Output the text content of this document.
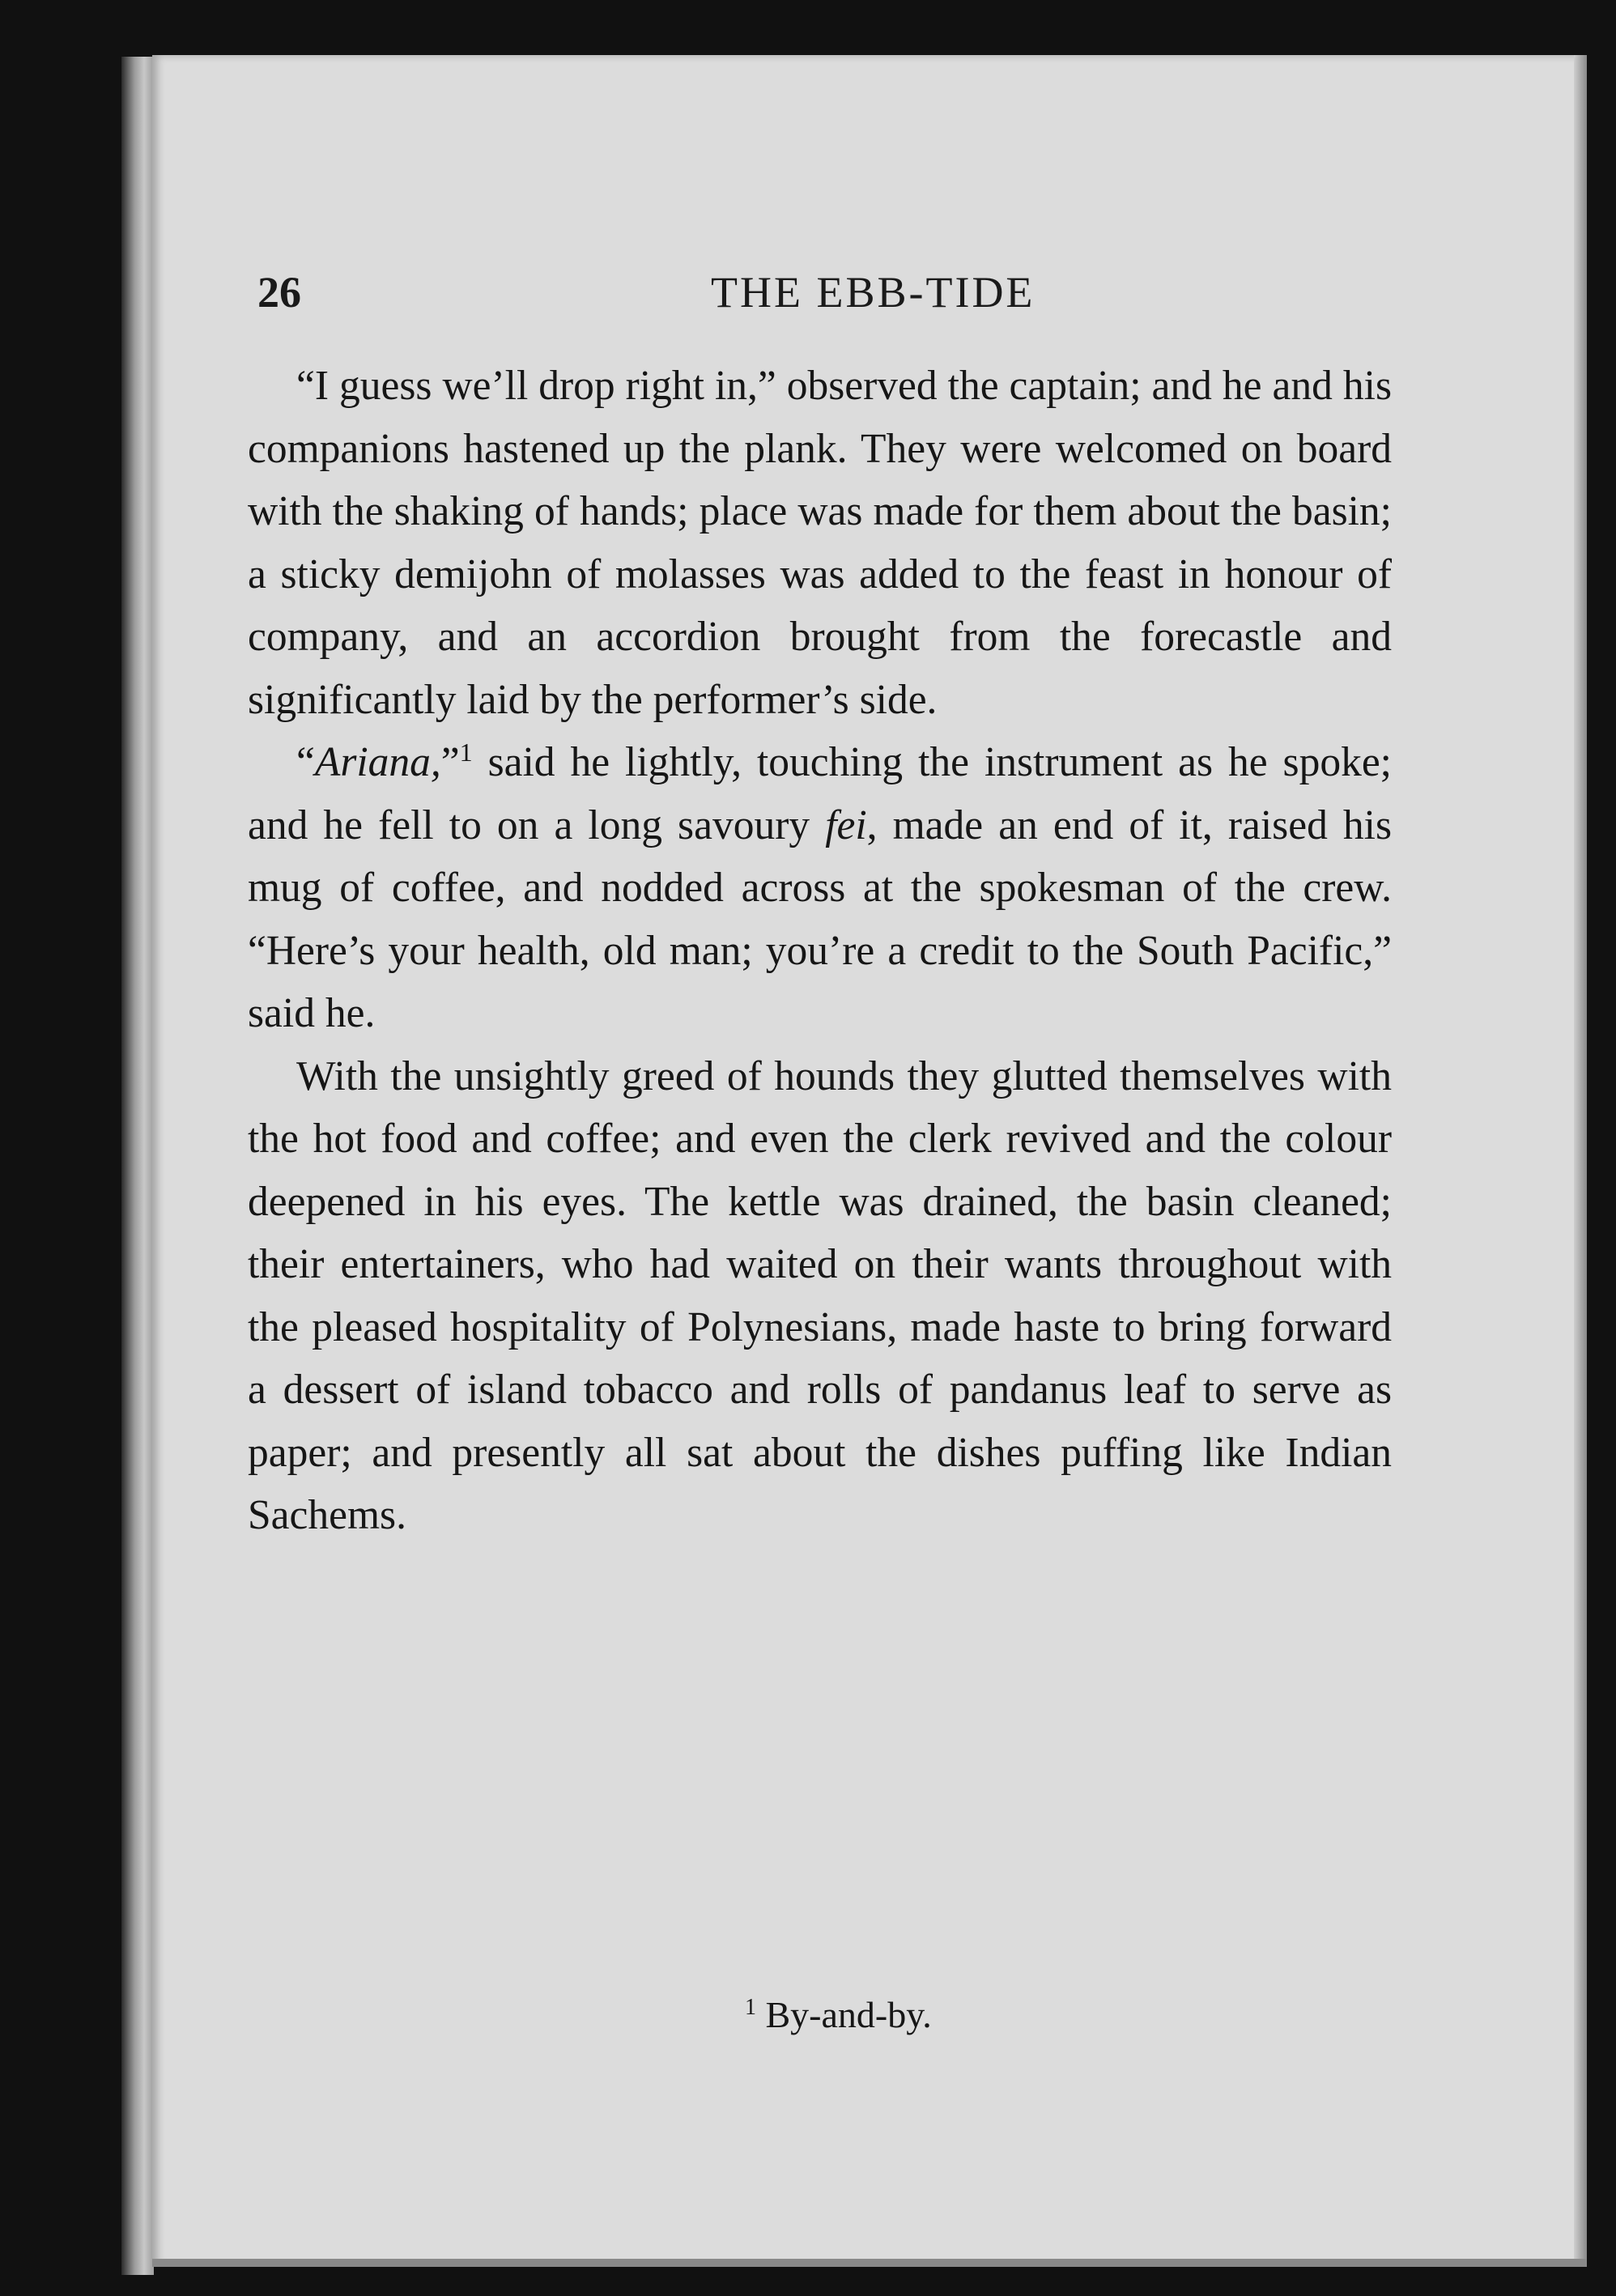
26	THE EBB-TIDE

“I guess we’ll drop right in,” observed the captain; and he and his companions hastened up the plank. They were welcomed on board with the shaking of hands; place was made for them about the basin; a sticky demijohn of molasses was added to the feast in honour of company, and an accordion brought from the forecastle and significantly laid by the performer’s side.

“Ariana,”$^1$ said he lightly, touching the instrument as he spoke; and he fell to on a long savoury fei, made an end of it, raised his mug of coffee, and nodded across at the spokesman of the crew. “Here’s your health, old man; you’re a credit to the South Pacific,” said he.

With the unsightly greed of hounds they glutted themselves with the hot food and coffee; and even the clerk revived and the colour deepened in his eyes. The kettle was drained, the basin cleaned; their entertainers, who had waited on their wants throughout with the pleased hospitality of Polynesians, made haste to bring forward a dessert of island tobacco and rolls of pandanus leaf to serve as paper; and presently all sat about the dishes puffing like Indian Sachems.

$^1$ By-and-by.
